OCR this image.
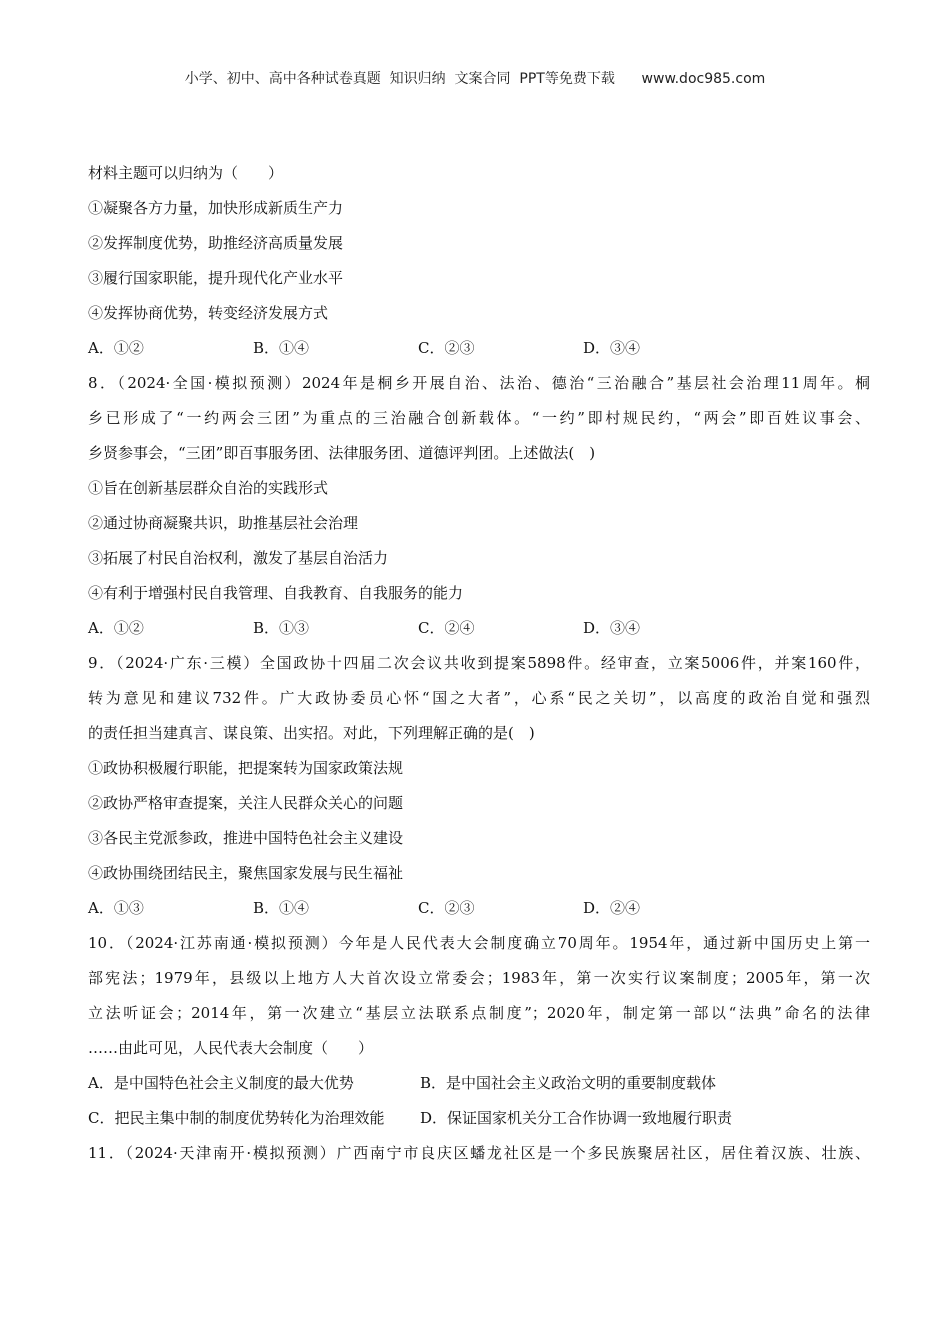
小学、初中、高中各种试卷真题  知识归纳  文案合同  PPT等免费下载      www.doc985.com
材料主题可以归纳为（　　）
①凝聚各方力量，加快形成新质生产力
②发挥制度优势，助推经济高质量发展
③履行国家职能，提升现代化产业水平
④发挥协商优势，转变经济发展方式
A．①②	B．①④	C．②③	D．③④
8．（2024·全国·模拟预测）2024年是桐乡开展自治、法治、德治“三治融合”基层社会治理11周年。桐
乡已形成了“一约两会三团”为重点的三治融合创新载体。“一约”即村规民约，“两会”即百姓议事会、
乡贤参事会，“三团”即百事服务团、法律服务团、道德评判团。上述做法(　)
①旨在创新基层群众自治的实践形式
②通过协商凝聚共识，助推基层社会治理
③拓展了村民自治权利，激发了基层自治活力
④有利于增强村民自我管理、自我教育、自我服务的能力
A．①②	B．①③	C．②④	D．③④
9．（2024·广东·三模）全国政协十四届二次会议共收到提案5898件。经审查，立案5006件，并案160件，
转为意见和建议732件。广大政协委员心怀“国之大者”，心系“民之关切”，以高度的政治自觉和强烈
的责任担当建真言、谋良策、出实招。对此，下列理解正确的是(　)
①政协积极履行职能，把提案转为国家政策法规
②政协严格审查提案，关注人民群众关心的问题
③各民主党派参政，推进中国特色社会主义建设
④政协围绕团结民主，聚焦国家发展与民生福祉
A．①③	B．①④	C．②③	D．②④
10．（2024·江苏南通·模拟预测）今年是人民代表大会制度确立70周年。1954年，通过新中国历史上第一
部宪法；1979年，县级以上地方人大首次设立常委会；1983年，第一次实行议案制度；2005年，第一次
立法听证会；2014年，第一次建立“基层立法联系点制度”；2020年，制定第一部以“法典”命名的法律
……由此可见，人民代表大会制度（　　）
A．是中国特色社会主义制度的最大优势	B．是中国社会主义政治文明的重要制度载体
C．把民主集中制的制度优势转化为治理效能	D．保证国家机关分工合作协调一致地履行职责
11．（2024·天津南开·模拟预测）广西南宁市良庆区蟠龙社区是一个多民族聚居社区，居住着汉族、壮族、
